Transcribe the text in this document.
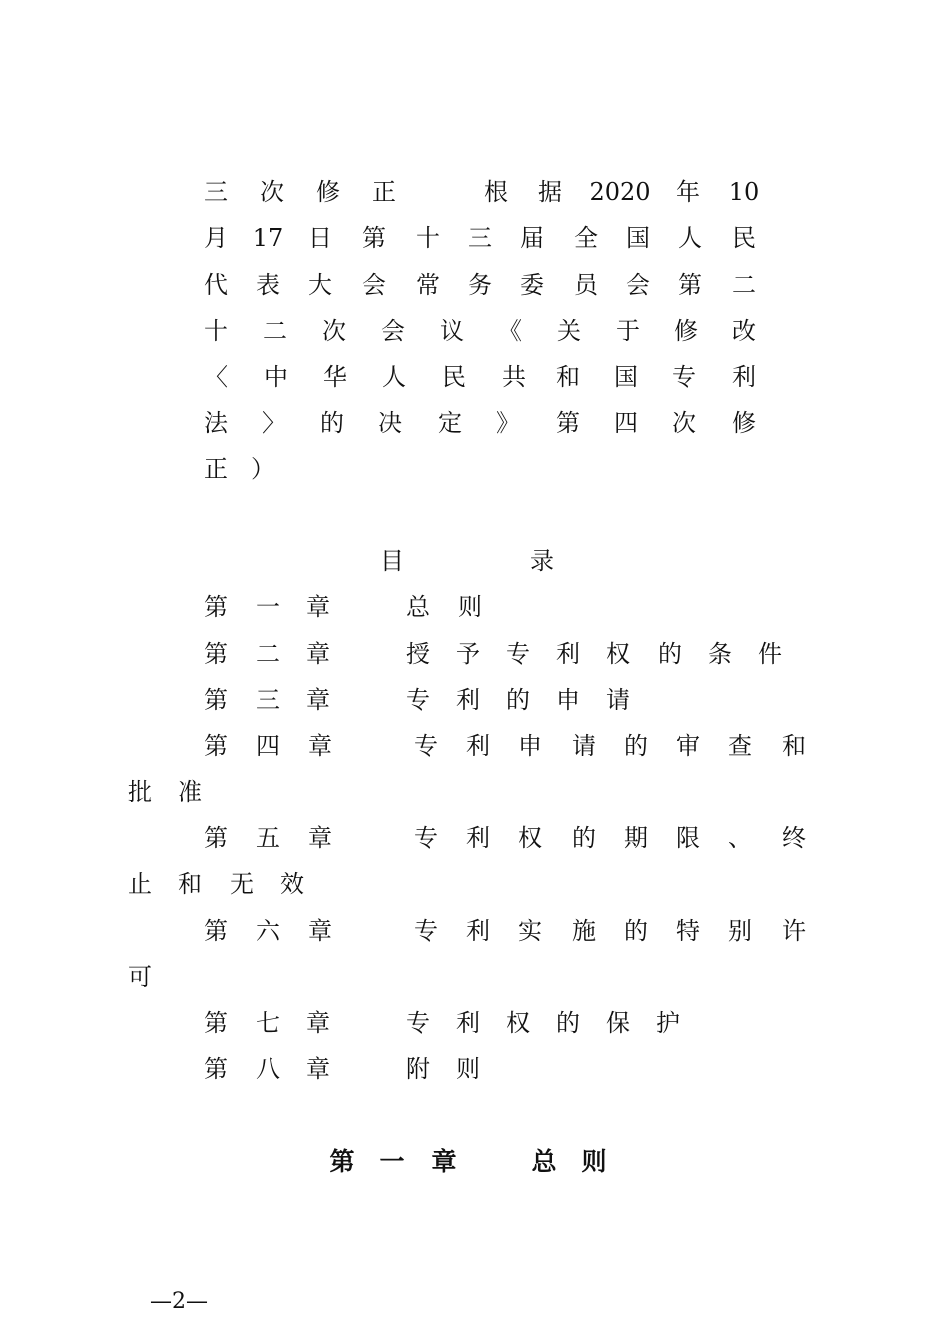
三 次 修 正	根 据 2020 年 10
月 17 日 第 十 三 届 全 国 人 民
代 表 大 会 常 务 委 员 会 第 二
十 二 次 会 议 《 关 于 修 改
〈 中 华 人 民 共 和 国 专 利
法 〉 的 决 定 》 第 四 次 修
正 ）
目	录
第 一 章	总 则
第 二 章	授 予 专 利 权 的 条 件
第 三 章	专 利 的 申 请
第 四 章	专 利 申 请 的 审 查 和
批 准
第 五 章	专 利 权 的 期 限 、 终
止 和 无 效
第 六 章	专 利 实 施 的 特 别 许
可
第 七 章	专 利 权 的 保 护
第 八 章	附 则
第 一 章	总 则
—2—
